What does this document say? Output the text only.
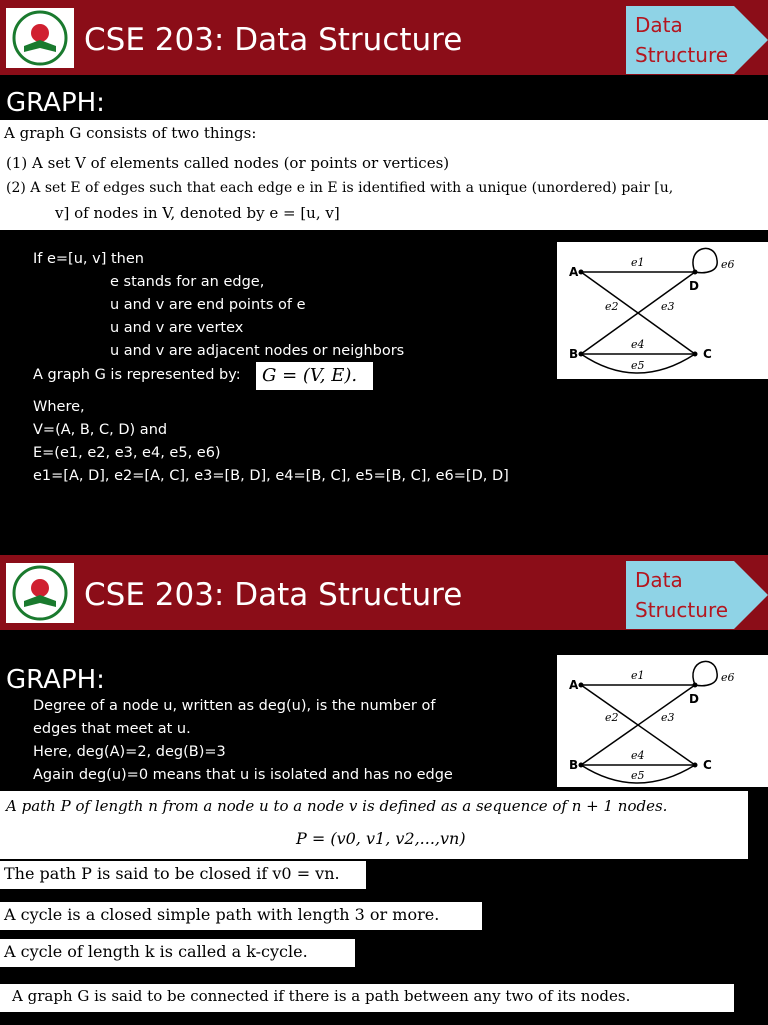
CSE 203: Data Structure	Data
Structure
GRAPH:
A graph G consists of two things:
(1) A set V of elements called nodes (or points or vertices)
(2) A set E of edges such that each edge e in E is identified with a unique (unordered) pair [u,
v] of nodes in V, denoted by e = [u, v]
If e=[u, v] then
e stands for an edge,
u and v are end points of e
u and v are vertex
u and v are adjacent nodes or neighbors
A graph G is represented by: G = (V, E).
Where,
V=(A, B, C, D) and
E=(e1, e2, e3, e4, e5, e6)
e1=[A, D], e2=[A, C], e3=[B, D], e4=[B, C], e5=[B, C], e6=[D, D]
A
D
B	C
e1
e2	e3
e4
e5
e6
CSE 203: Data Structure	Data
Structure
GRAPH:
Degree of a node u, written as deg(u), is the number of
edges that meet at u.
Here, deg(A)=2, deg(B)=3
Again deg(u)=0 means that u is isolated and has no edge
A
D
B	C
e1
e2	e3
e4
e5
e6
A path P of length n from a node u to a node v is defined as a sequence of n + 1 nodes.
P = (v0, v1, v2,...,vn)
The path P is said to be closed if v0 = vn.
A cycle is a closed simple path with length 3 or more.
A cycle of length k is called a k-cycle.
A graph G is said to be connected if there is a path between any two of its nodes.
